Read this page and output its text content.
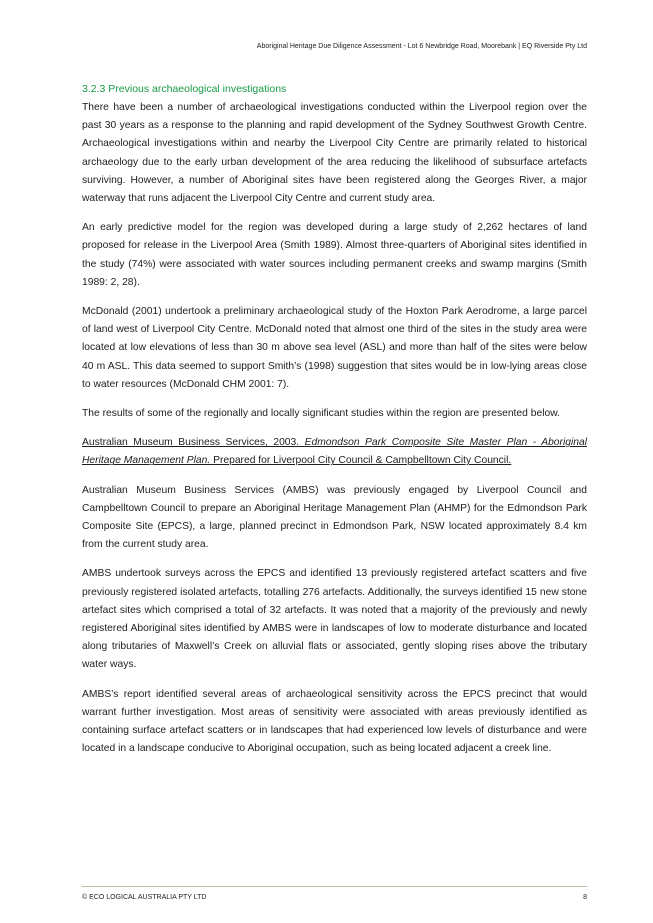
Aboriginal Heritage Due Diligence Assessment - Lot 6 Newbridge Road, Moorebank | EQ Riverside Pty Ltd
3.2.3 Previous archaeological investigations

There have been a number of archaeological investigations conducted within the Liverpool region over the past 30 years as a response to the planning and rapid development of the Sydney Southwest Growth Centre. Archaeological investigations within and nearby the Liverpool City Centre are primarily related to historical archaeology due to the early urban development of the area reducing the likelihood of subsurface artefacts surviving. However, a number of Aboriginal sites have been registered along the Georges River, a major waterway that runs adjacent the Liverpool City Centre and current study area.

An early predictive model for the region was developed during a large study of 2,262 hectares of land proposed for release in the Liverpool Area (Smith 1989). Almost three-quarters of Aboriginal sites identified in the study (74%) were associated with water sources including permanent creeks and swamp margins (Smith 1989: 2, 28).

McDonald (2001) undertook a preliminary archaeological study of the Hoxton Park Aerodrome, a large parcel of land west of Liverpool City Centre. McDonald noted that almost one third of the sites in the study area were located at low elevations of less than 30 m above sea level (ASL) and more than half of the sites were below 40 m ASL. This data seemed to support Smith’s (1998) suggestion that sites would be in low-lying areas close to water resources (McDonald CHM 2001: 7).

The results of some of the regionally and locally significant studies within the region are presented below.

Australian Museum Business Services, 2003. Edmondson Park Composite Site Master Plan - Aboriginal Heritage Management Plan. Prepared for Liverpool City Council & Campbelltown City Council.

Australian Museum Business Services (AMBS) was previously engaged by Liverpool Council and Campbelltown Council to prepare an Aboriginal Heritage Management Plan (AHMP) for the Edmondson Park Composite Site (EPCS), a large, planned precinct in Edmondson Park, NSW located approximately 8.4 km from the current study area.

AMBS undertook surveys across the EPCS and identified 13 previously registered artefact scatters and five previously registered isolated artefacts, totalling 276 artefacts. Additionally, the surveys identified 15 new stone artefact sites which comprised a total of 32 artefacts. It was noted that a majority of the previously and newly registered Aboriginal sites identified by AMBS were in landscapes of low to moderate disturbance and located along tributaries of Maxwell’s Creek on alluvial flats or associated, gently sloping rises above the tributary water ways.

AMBS’s report identified several areas of archaeological sensitivity across the EPCS precinct that would warrant further investigation. Most areas of sensitivity were associated with areas previously identified as containing surface artefact scatters or in landscapes that had experienced low levels of disturbance and were located in a landscape conducive to Aboriginal occupation, such as being located adjacent a creek line.

© ECO LOGICAL AUSTRALIA PTY LTD	8
